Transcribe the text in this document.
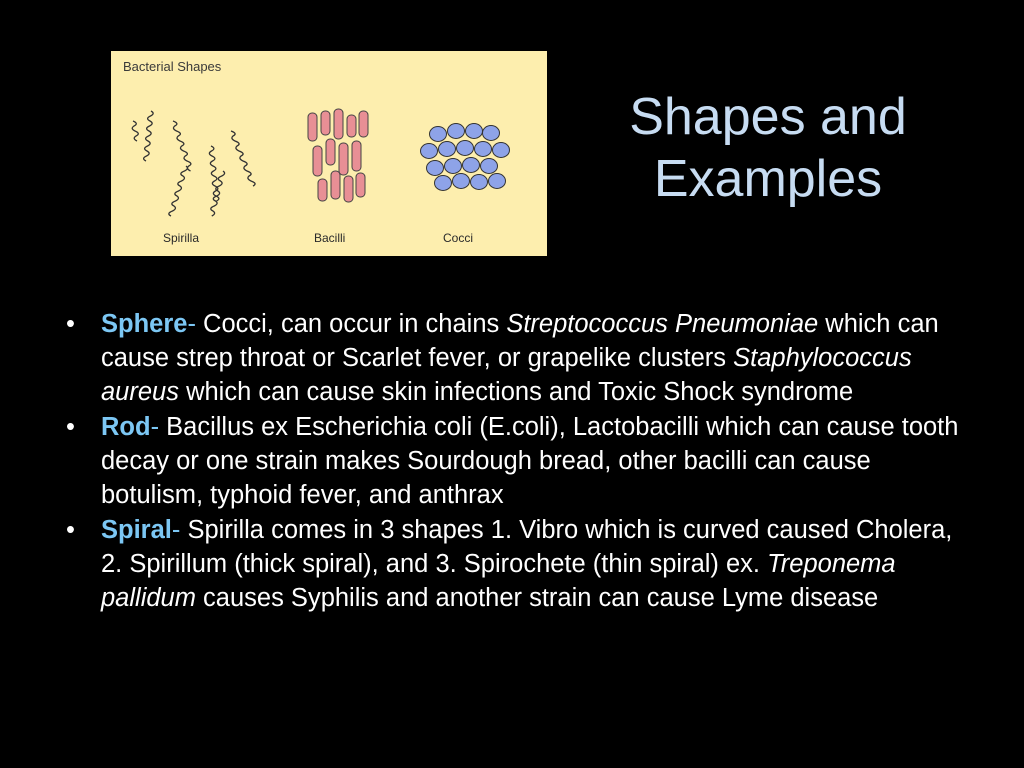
Bacterial Shapes
Spirilla	Bacilli	Cocci
Shapes and
Examples
• Sphere- Cocci, can occur in chains Streptococcus Pneumoniae which can cause strep throat or Scarlet fever, or grapelike clusters Staphylococcus aureus which can cause skin infections and Toxic Shock syndrome
• Rod- Bacillus ex Escherichia coli (E.coli), Lactobacilli which can cause tooth decay or one strain makes Sourdough bread, other bacilli can cause botulism, typhoid fever, and anthrax
• Spiral- Spirilla comes in 3 shapes 1. Vibro which is curved caused Cholera, 2. Spirillum (thick spiral), and 3. Spirochete (thin spiral) ex. Treponema pallidum causes Syphilis and another strain can cause Lyme disease
